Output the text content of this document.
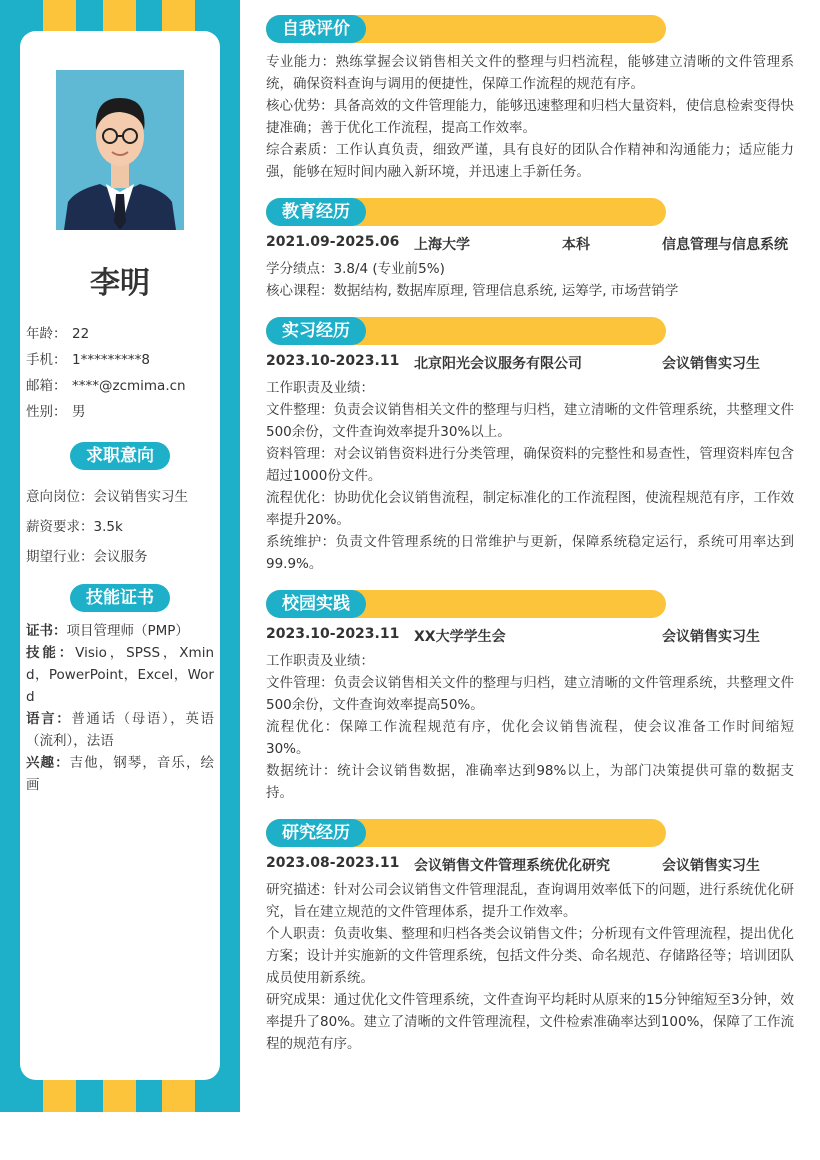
李明
年龄： 22
手机： 1*********8
邮箱： ****@zcmima.cn
性别： 男
求职意向
意向岗位：会议销售实习生
薪资要求：3.5k
期望行业：会议服务
技能证书

证书：项目管理师（PMP）

技能：Visio，SPSS，Xmind，PowerPoint，Excel，Word

语言：普通话（母语），英语（流利），法语

兴趣：吉他，钢琴，音乐，绘画

自我评价

专业能力：熟练掌握会议销售相关文件的整理与归档流程，能够建立清晰的文件管理系统，确保资料查询与调用的便捷性，保障工作流程的规范有序。

核心优势：具备高效的文件管理能力，能够迅速整理和归档大量资料，使信息检索变得快捷准确；善于优化工作流程，提高工作效率。

综合素质：工作认真负责，细致严谨，具有良好的团队合作精神和沟通能力；适应能力强，能够在短时间内融入新环境，并迅速上手新任务。

教育经历
2021.09-2025.06 上海大学	本科	信息管理与信息系统

学分绩点：3.8/4 (专业前5%)

核心课程：数据结构, 数据库原理, 管理信息系统, 运筹学, 市场营销学

实习经历
2023.10-2023.11 北京阳光会议服务有限公司	会议销售实习生

工作职责及业绩：

文件整理：负责会议销售相关文件的整理与归档，建立清晰的文件管理系统，共整理文件500余份，文件查询效率提升30%以上。

资料管理：对会议销售资料进行分类管理，确保资料的完整性和易查性，管理资料库包含超过1000份文件。

流程优化：协助优化会议销售流程，制定标准化的工作流程图，使流程规范有序，工作效率提升20%。

系统维护：负责文件管理系统的日常维护与更新，保障系统稳定运行，系统可用率达到99.9%。

校园实践
2023.10-2023.11 XX大学学生会	会议销售实习生

工作职责及业绩：

文件管理：负责会议销售相关文件的整理与归档，建立清晰的文件管理系统，共整理文件500余份，文件查询效率提高50%。

流程优化：保障工作流程规范有序，优化会议销售流程，使会议准备工作时间缩短30%。

数据统计：统计会议销售数据，准确率达到98%以上，为部门决策提供可靠的数据支持。

研究经历
2023.08-2023.11 会议销售文件管理系统优化研究	会议销售实习生

研究描述：针对公司会议销售文件管理混乱，查询调用效率低下的问题，进行系统优化研究，旨在建立规范的文件管理体系，提升工作效率。

个人职责：负责收集、整理和归档各类会议销售文件；分析现有文件管理流程，提出优化方案；设计并实施新的文件管理系统，包括文件分类、命名规范、存储路径等；培训团队成员使用新系统。

研究成果：通过优化文件管理系统，文件查询平均耗时从原来的15分钟缩短至3分钟，效率提升了80%。建立了清晰的文件管理流程，文件检索准确率达到100%，保障了工作流程的规范有序。
